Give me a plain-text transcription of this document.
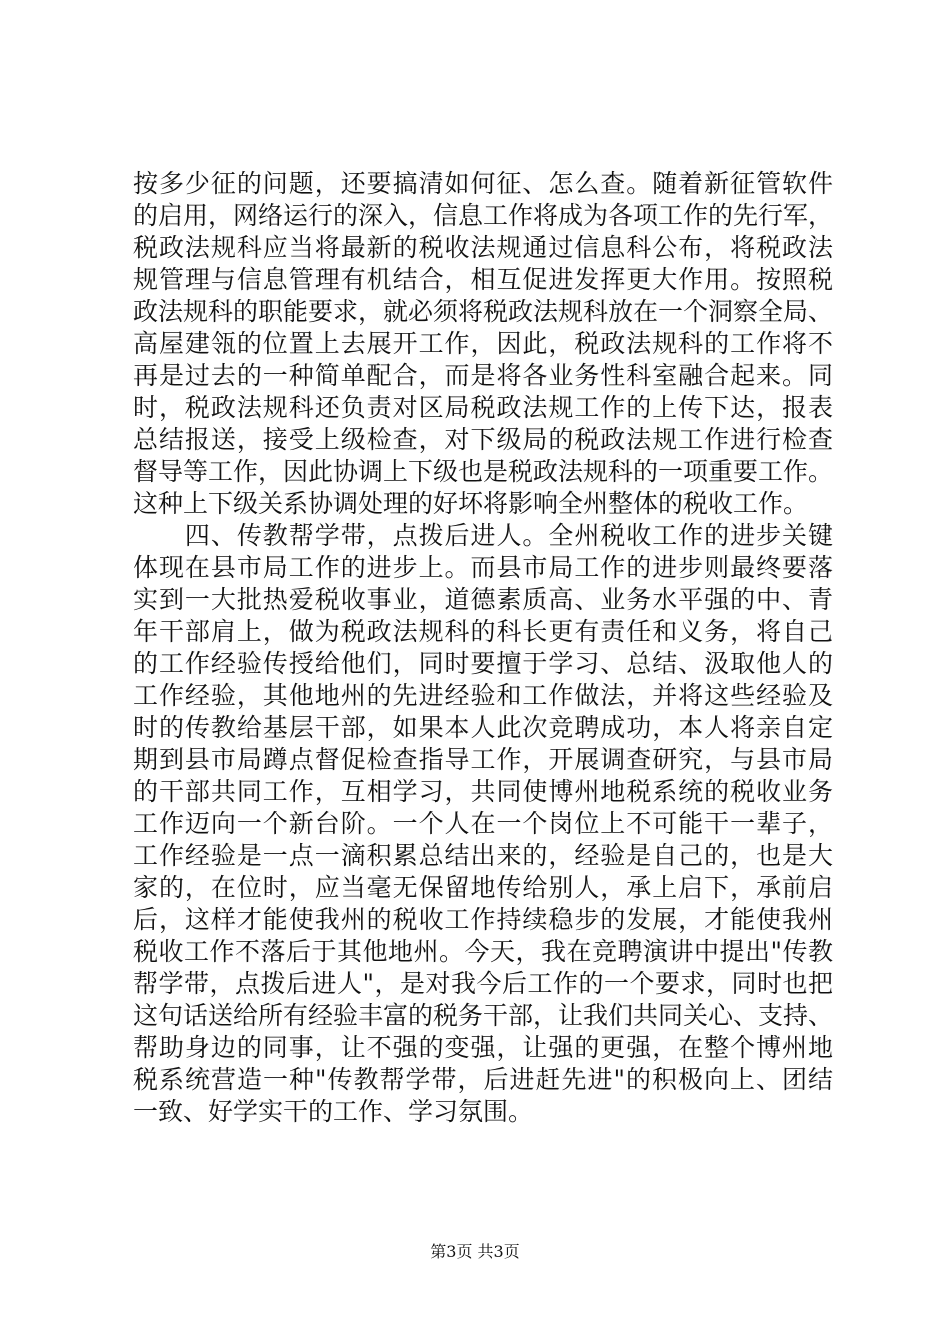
按多少征的问题，还要搞清如何征、怎么查。随着新征管软件
的启用，网络运行的深入，信息工作将成为各项工作的先行军，
税政法规科应当将最新的税收法规通过信息科公布，将税政法
规管理与信息管理有机结合，相互促进发挥更大作用。按照税
政法规科的职能要求，就必须将税政法规科放在一个洞察全局、
高屋建瓴的位置上去展开工作，因此，税政法规科的工作将不
再是过去的一种简单配合，而是将各业务性科室融合起来。同
时，税政法规科还负责对区局税政法规工作的上传下达，报表
总结报送，接受上级检查，对下级局的税政法规工作进行检查
督导等工作，因此协调上下级也是税政法规科的一项重要工作。
这种上下级关系协调处理的好坏将影响全州整体的税收工作。
　　四、传教帮学带，点拨后进人。全州税收工作的进步关键
体现在县市局工作的进步上。而县市局工作的进步则最终要落
实到一大批热爱税收事业，道德素质高、业务水平强的中、青
年干部肩上，做为税政法规科的科长更有责任和义务，将自己
的工作经验传授给他们，同时要擅于学习、总结、汲取他人的
工作经验，其他地州的先进经验和工作做法，并将这些经验及
时的传教给基层干部，如果本人此次竞聘成功，本人将亲自定
期到县市局蹲点督促检查指导工作，开展调查研究，与县市局
的干部共同工作，互相学习，共同使博州地税系统的税收业务
工作迈向一个新台阶。一个人在一个岗位上不可能干一辈子，
工作经验是一点一滴积累总结出来的，经验是自己的，也是大
家的，在位时，应当毫无保留地传给别人，承上启下，承前启
后，这样才能使我州的税收工作持续稳步的发展，才能使我州
税收工作不落后于其他地州。今天，我在竞聘演讲中提出"传教
帮学带，点拨后进人"，是对我今后工作的一个要求，同时也把
这句话送给所有经验丰富的税务干部，让我们共同关心、支持、
帮助身边的同事，让不强的变强，让强的更强，在整个博州地
税系统营造一种"传教帮学带，后进赶先进"的积极向上、团结
一致、好学实干的工作、学习氛围。
第3页 共3页
